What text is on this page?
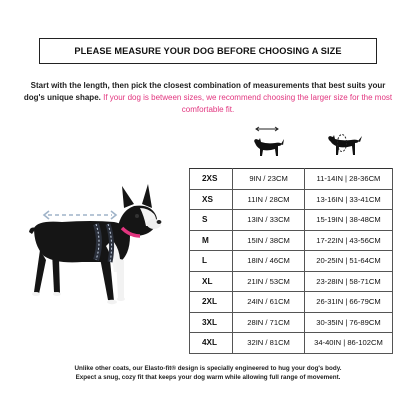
PLEASE MEASURE YOUR DOG BEFORE CHOOSING A SIZE
Start with the length, then pick the closest combination of measurements that best suits your dog's unique shape. If your dog is between sizes, we recommend choosing the larger size for the most comfortable fit.
2XS	9IN / 23CM	11-14IN | 28-36CM
XS	11IN / 28CM	13-16IN | 33-41CM
S	13IN / 33CM	15-19IN | 38-48CM
M	15IN / 38CM	17-22IN | 43-56CM
L	18IN / 46CM	20-25IN | 51-64CM
XL	21IN / 53CM	23-28IN | 58-71CM
2XL	24IN / 61CM	26-31IN | 66-79CM
3XL	28IN / 71CM	30-35IN | 76-89CM
4XL	32IN / 81CM	34-40IN | 86-102CM
Unlike other coats, our Elasto-fit® design is specially engineered to hug your dog's body.
Expect a snug, cozy fit that keeps your dog warm while allowing full range of movement.
